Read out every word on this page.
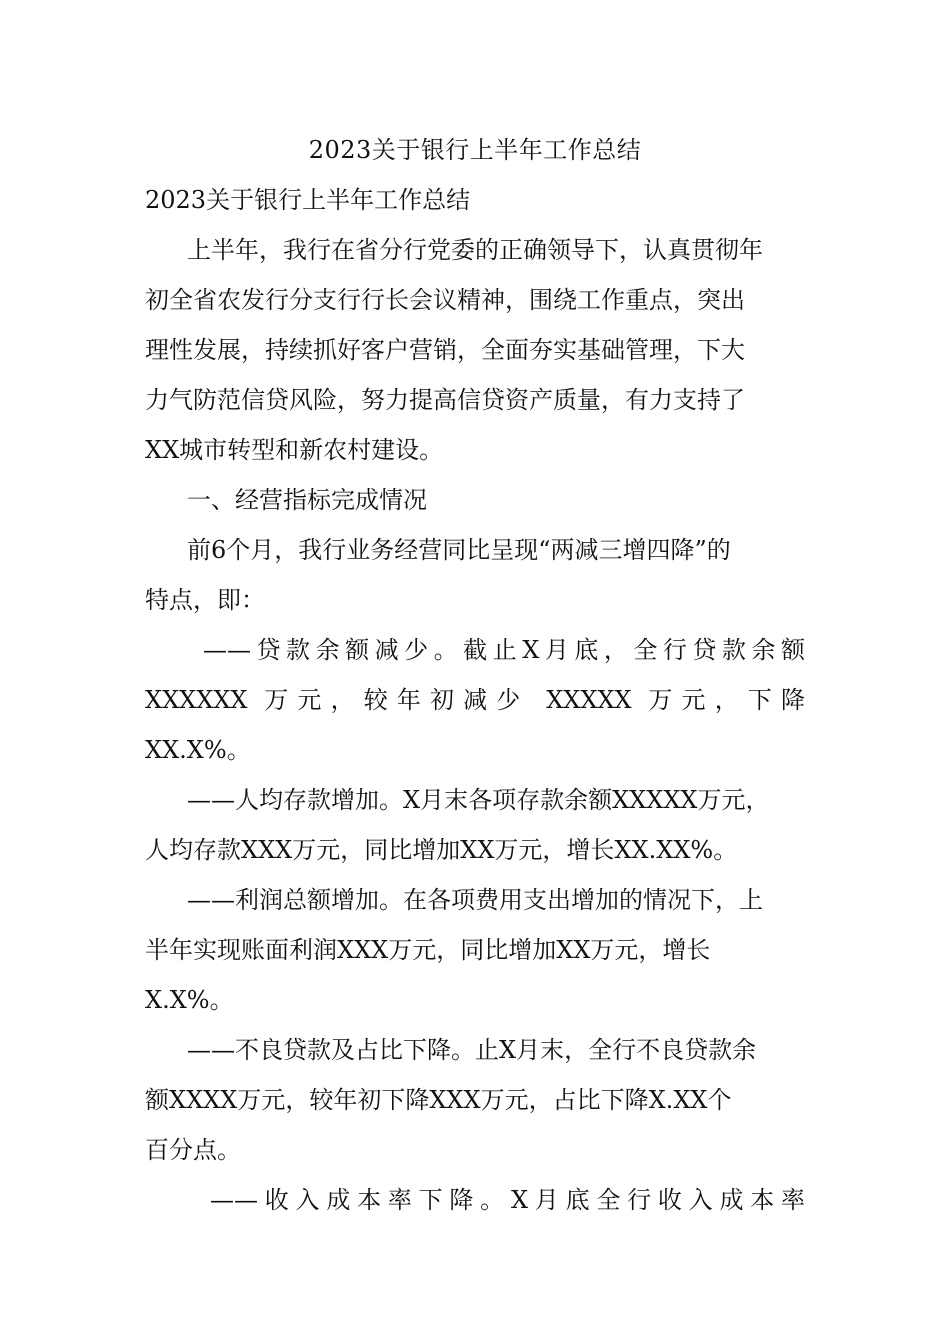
2023关于银行上半年工作总结
2023关于银行上半年工作总结
上半年，我行在省分行党委的正确领导下，认真贯彻年
初全省农发行分支行行长会议精神，围绕工作重点，突出
理性发展，持续抓好客户营销，全面夯实基础管理，下大
力气防范信贷风险，努力提高信贷资产质量，有力支持了
XX城市转型和新农村建设。
一、经营指标完成情况
前6个月，我行业务经营同比呈现“两减三增四降”的
特点，即：
——贷款余额减少。截止X月底，全行贷款余额
XXXXXX 万元，较年初减少 XXXXX 万元，下降
XX.X%。
——人均存款增加。X月末各项存款余额XXXXX万元，
人均存款XXX万元，同比增加XX万元，增长XX.XX%。
——利润总额增加。在各项费用支出增加的情况下，上
半年实现账面利润XXX万元，同比增加XX万元，增长
X.X%。
——不良贷款及占比下降。止X月末，全行不良贷款余
额XXXX万元，较年初下降XXX万元，占比下降X.XX个
百分点。
——收入成本率下降。X月底全行收入成本率
